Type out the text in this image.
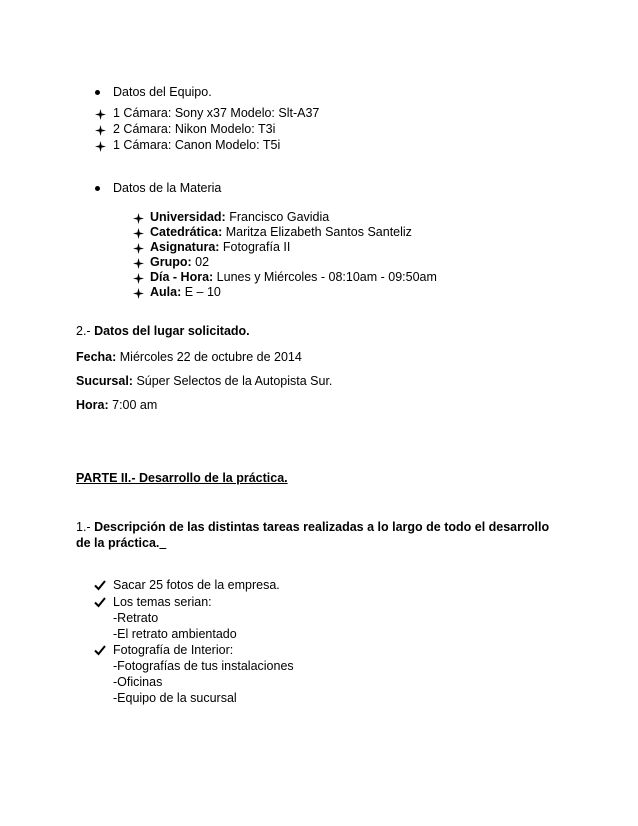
Datos del Equipo.
1 Cámara: Sony x37 Modelo: Slt-A37
2 Cámara: Nikon Modelo: T3i
1 Cámara: Canon Modelo: T5i
Datos de la Materia
Universidad: Francisco Gavidia
Catedrática: Maritza Elizabeth Santos Santeliz
Asignatura: Fotografía II
Grupo: 02
Día - Hora: Lunes y Miércoles - 08:10am - 09:50am
Aula: E – 10
2.- Datos del lugar solicitado.
Fecha: Miércoles 22 de octubre de 2014
Sucursal: Súper Selectos de la Autopista Sur.
Hora: 7:00 am
PARTE II.- Desarrollo de la práctica.
1.- Descripción de las distintas tareas realizadas a lo largo de todo el desarrollo
de la práctica.
Sacar 25 fotos de la empresa.
Los temas serian:
-Retrato
-El retrato ambientado
Fotografía de Interior:
-Fotografías de tus instalaciones
-Oficinas
-Equipo de la sucursal
